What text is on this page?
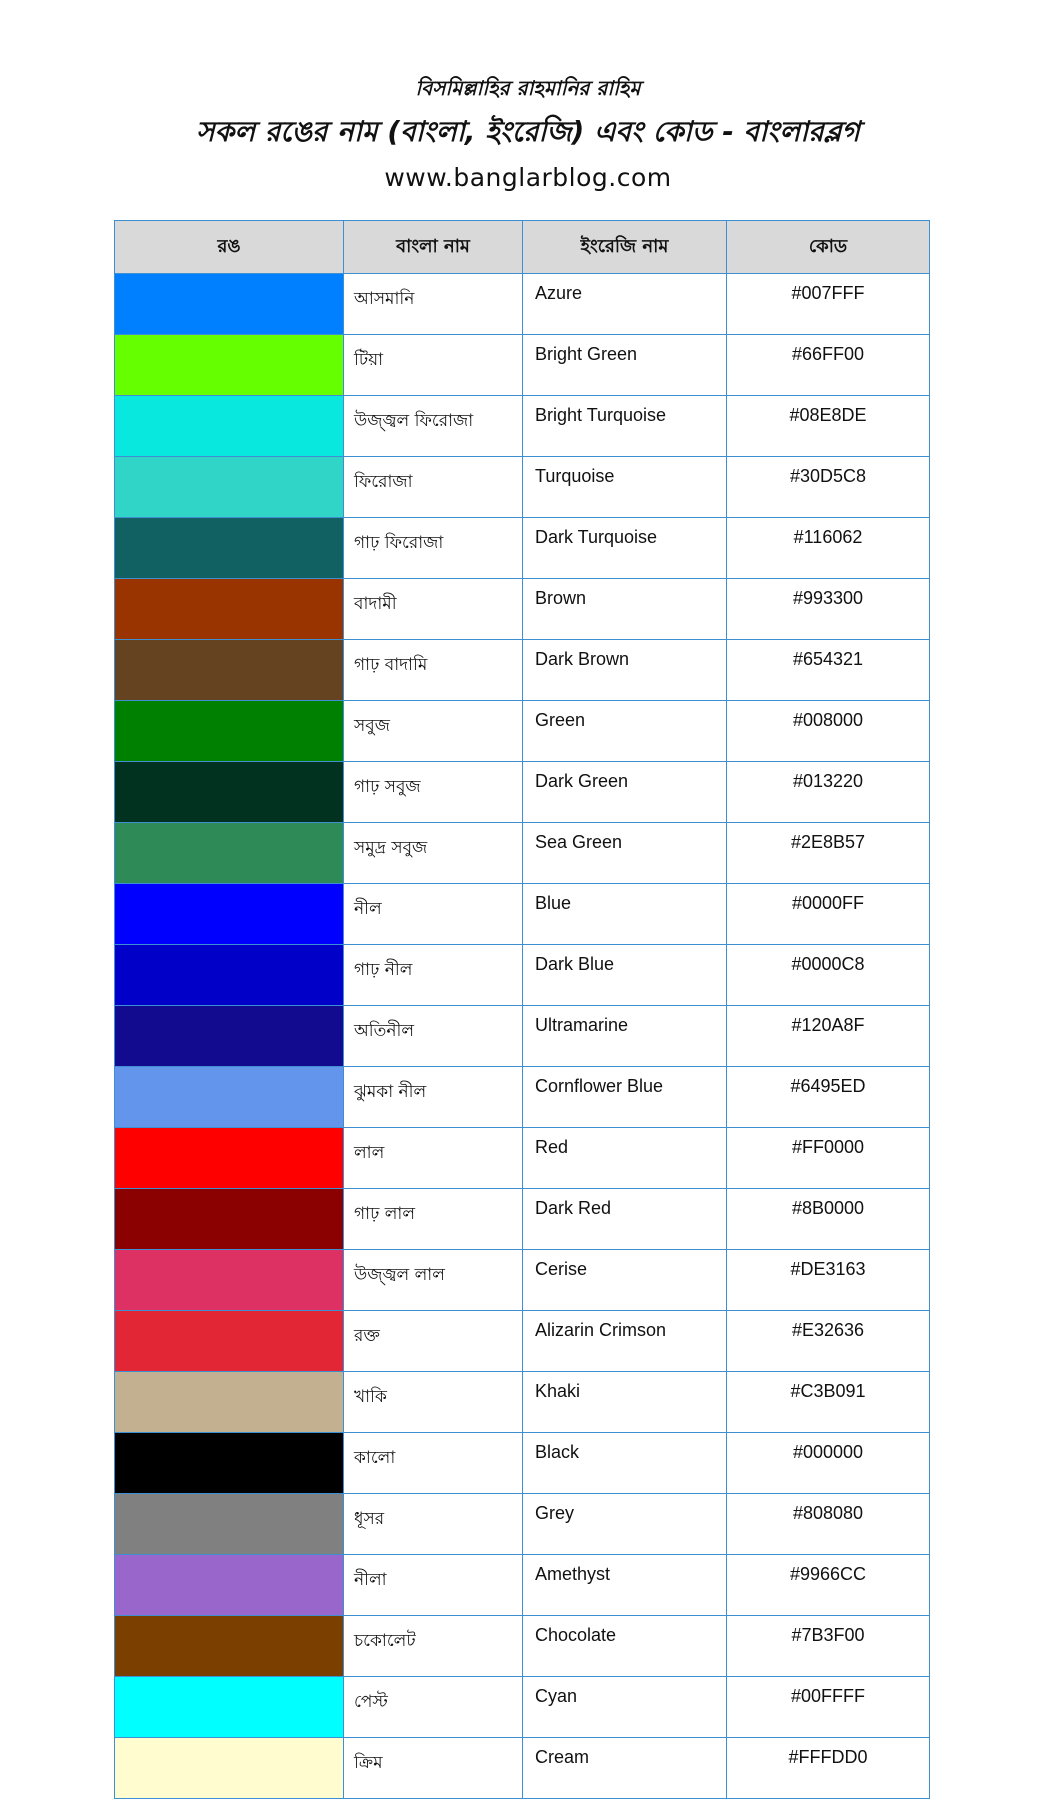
বিসমিল্লাহির রাহমানির রাহিম
সকল রঙের নাম (বাংলা, ইংরেজি) এবং কোড - বাংলারব্লগ
www.banglarblog.com
রঙ	বাংলা নাম	ইংরেজি নাম	কোড
	আসমানি	Azure	#007FFF
	টিয়া	Bright Green	#66FF00
	উজ্জ্বল ফিরোজা	Bright Turquoise	#08E8DE
	ফিরোজা	Turquoise	#30D5C8
	গাঢ় ফিরোজা	Dark Turquoise	#116062
	বাদামী	Brown	#993300
	গাঢ় বাদামি	Dark Brown	#654321
	সবুজ	Green	#008000
	গাঢ় সবুজ	Dark Green	#013220
	সমুদ্র সবুজ	Sea Green	#2E8B57
	নীল	Blue	#0000FF
	গাঢ় নীল	Dark Blue	#0000C8
	অতিনীল	Ultramarine	#120A8F
	ঝুমকা নীল	Cornflower Blue	#6495ED
	লাল	Red	#FF0000
	গাঢ় লাল	Dark Red	#8B0000
	উজ্জ্বল লাল	Cerise	#DE3163
	রক্ত	Alizarin Crimson	#E32636
	খাকি	Khaki	#C3B091
	কালো	Black	#000000
	ধূসর	Grey	#808080
	নীলা	Amethyst	#9966CC
	চকোলেট	Chocolate	#7B3F00
	পেস্ট	Cyan	#00FFFF
	ক্রিম	Cream	#FFFDD0
